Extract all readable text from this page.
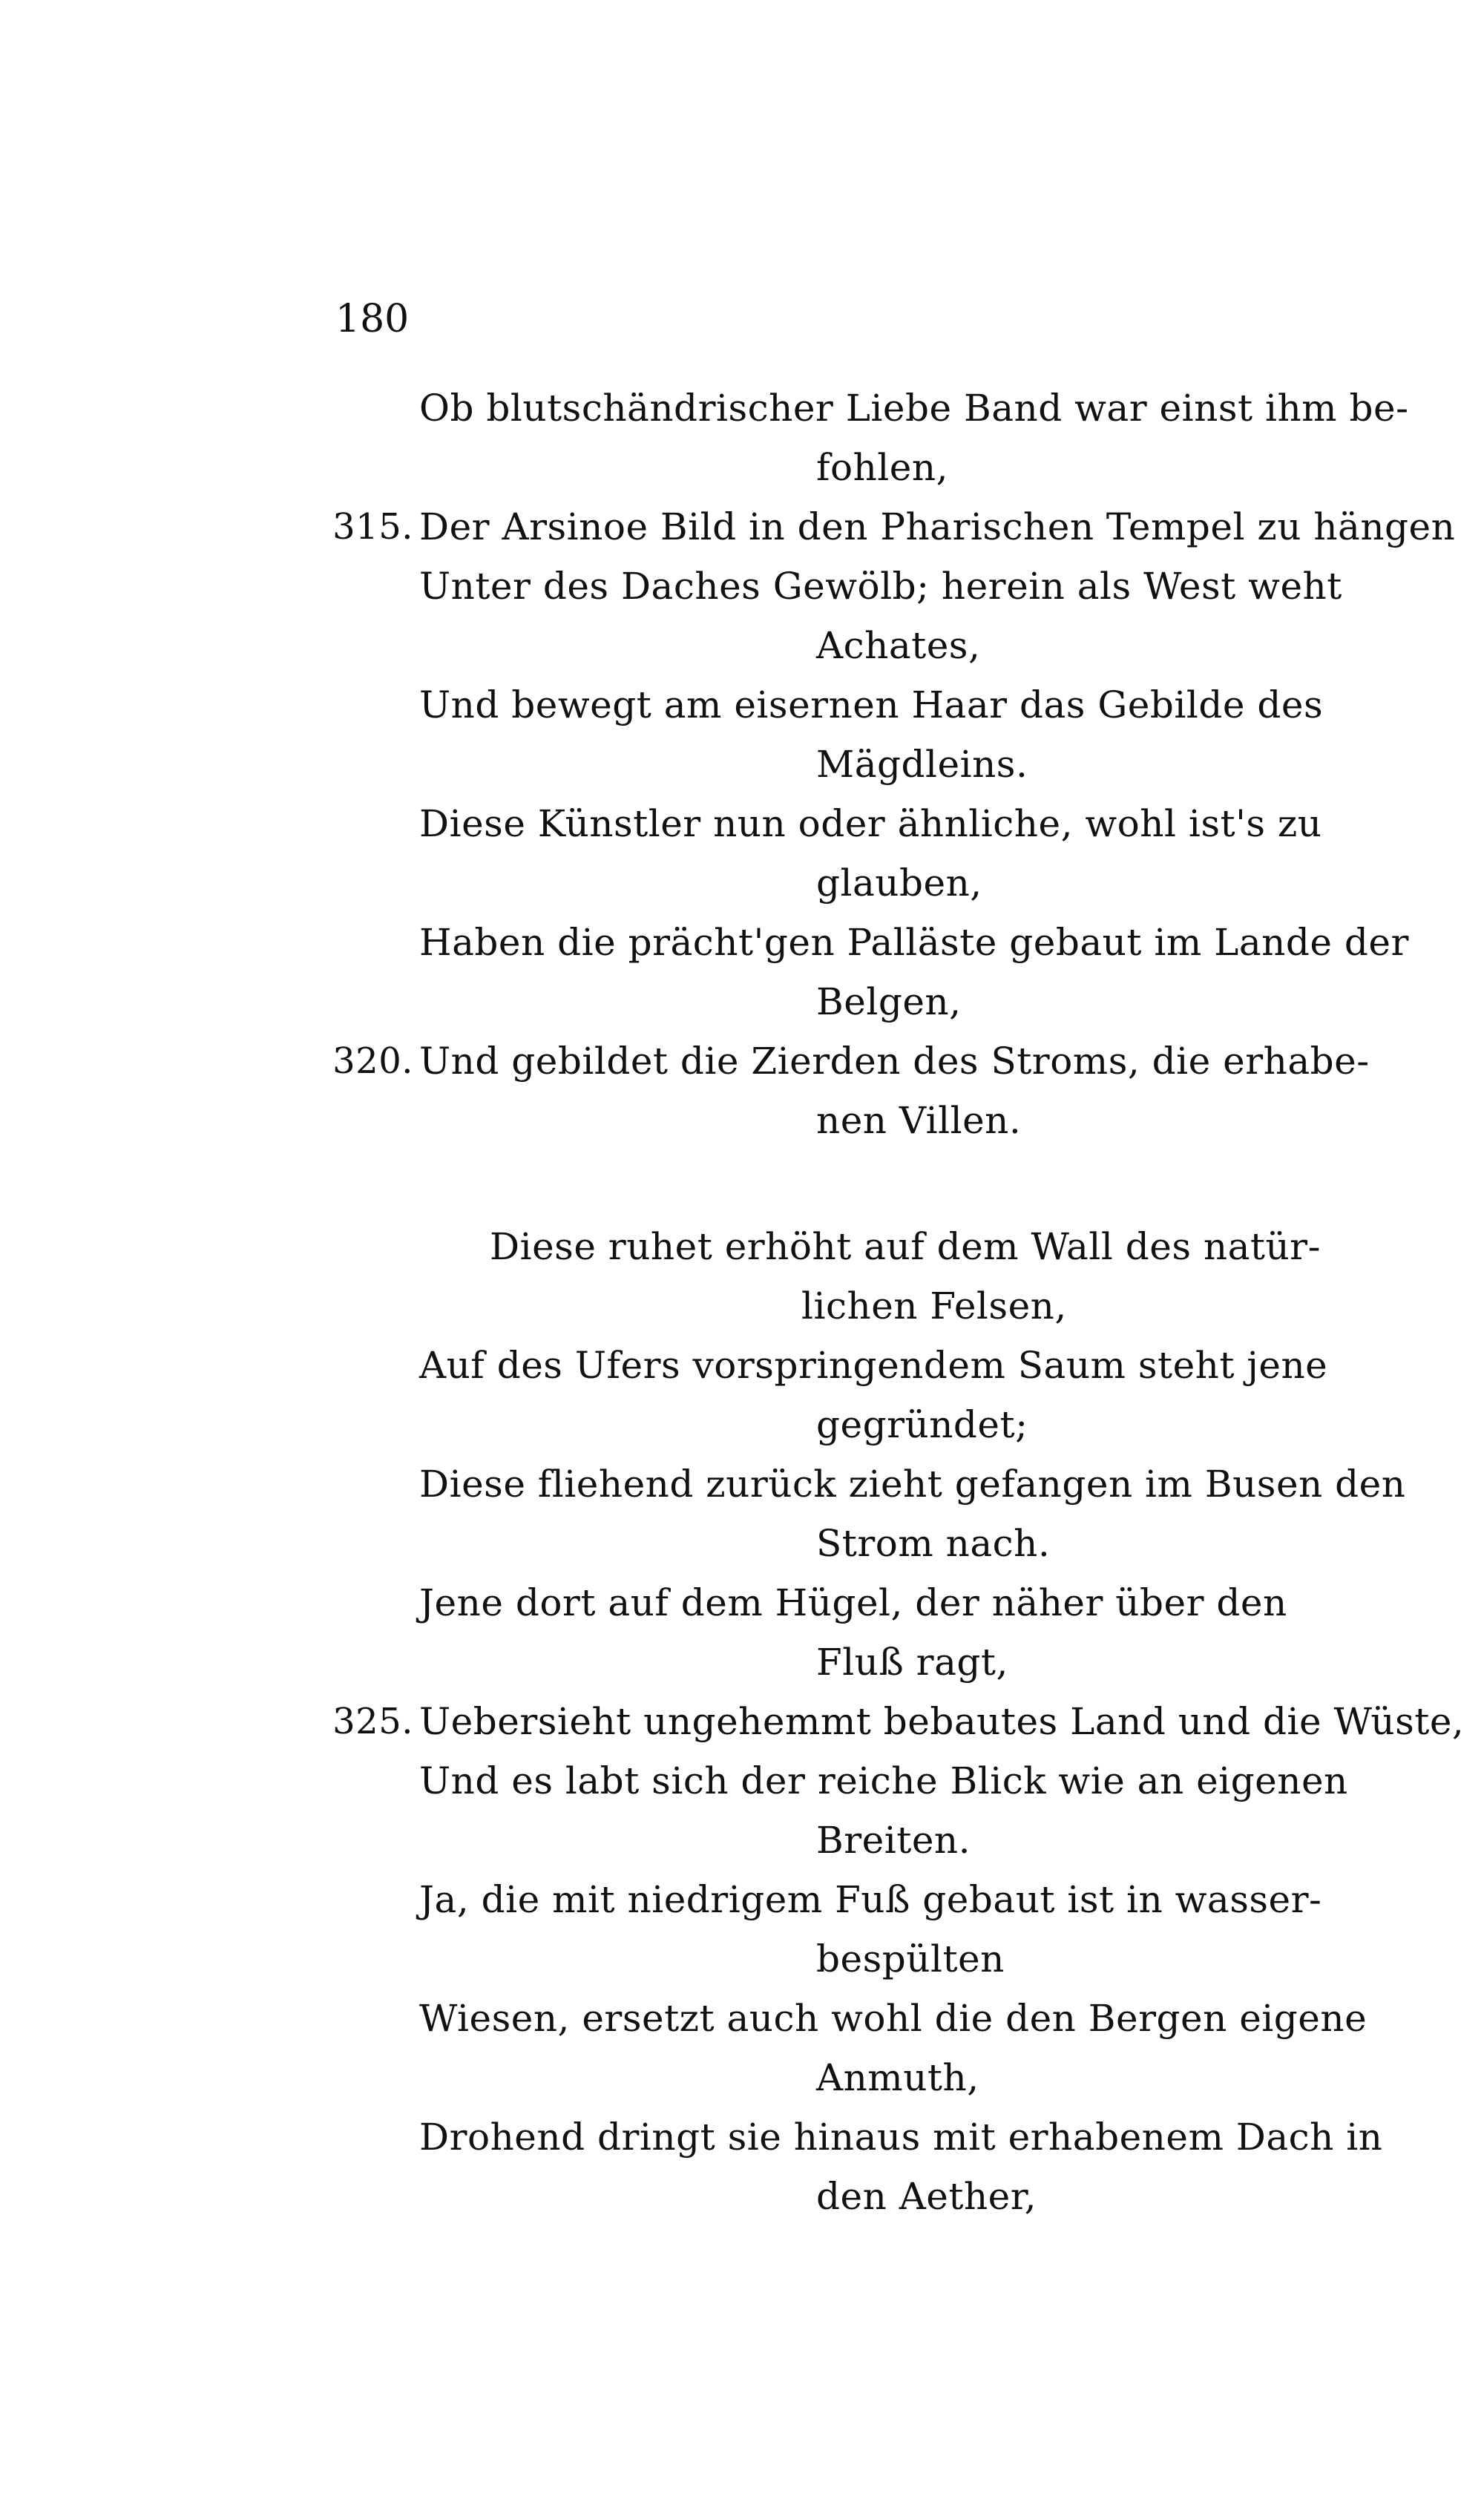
180
Ob blutschändrischer Liebe Band war einst ihm be-
fohlen,
315. Der Arsinoe Bild in den Pharischen Tempel zu hängen
Unter des Daches Gewölb; herein als West weht
Achates,
Und bewegt am eisernen Haar das Gebilde des
Mägdleins.
Diese Künstler nun oder ähnliche, wohl ist's zu
glauben,
Haben die prächt'gen Palläste gebaut im Lande der
Belgen,
320. Und gebildet die Zierden des Stroms, die erhabe-
nen Villen.
Diese ruhet erhöht auf dem Wall des natür-
lichen Felsen,
Auf des Ufers vorspringendem Saum steht jene
gegründet;
Diese fliehend zurück zieht gefangen im Busen den
Strom nach.
Jene dort auf dem Hügel, der näher über den
Fluß ragt,
325. Uebersieht ungehemmt bebautes Land und die Wüste,
Und es labt sich der reiche Blick wie an eigenen
Breiten.
Ja, die mit niedrigem Fuß gebaut ist in wasser-
bespülten
Wiesen, ersetzt auch wohl die den Bergen eigene
Anmuth,
Drohend dringt sie hinaus mit erhabenem Dach in
den Aether,
